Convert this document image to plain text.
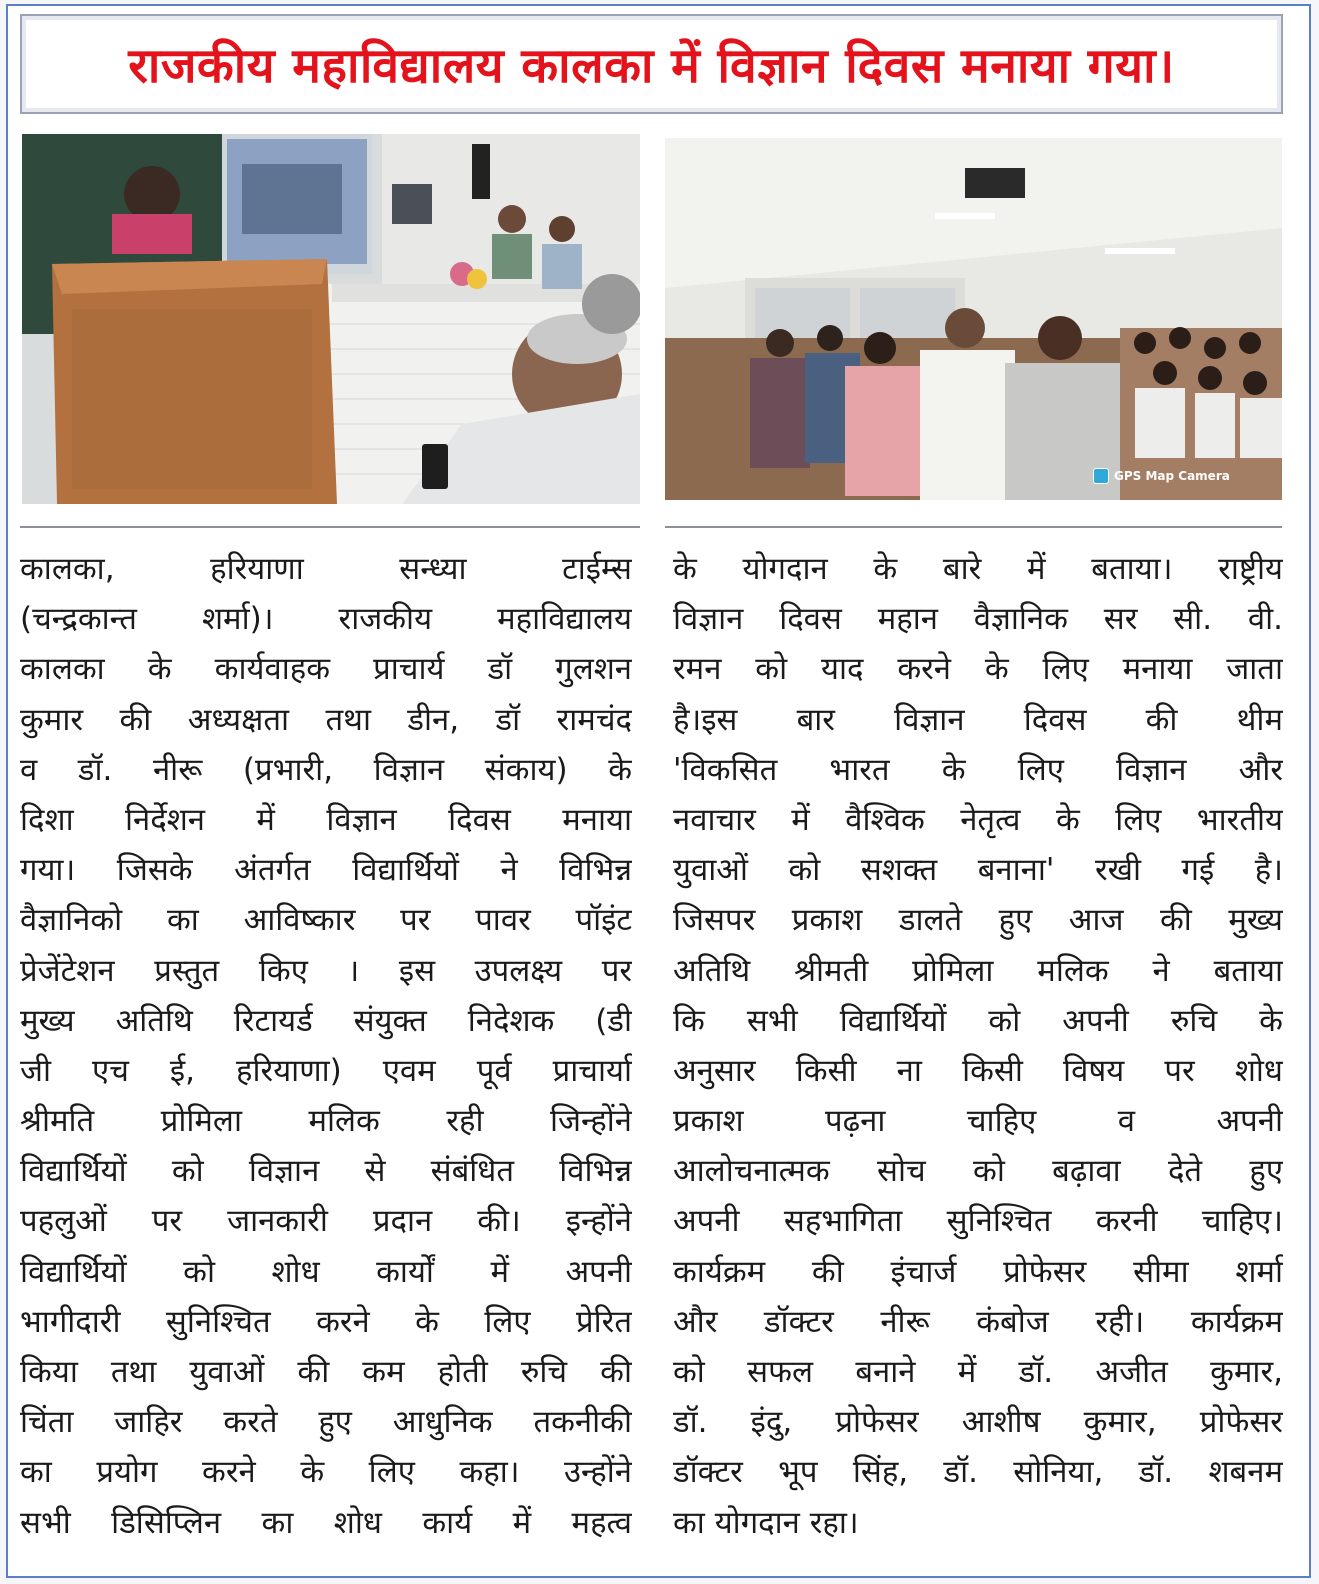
राजकीय महाविद्यालय कालका में विज्ञान दिवस मनाया गया।
GPS Map Camera
कालका, हरियाणा सन्ध्या टाईम्स
(चन्द्रकान्त शर्मा)। राजकीय महाविद्यालय
कालका के कार्यवाहक प्राचार्य डॉ गुलशन
कुमार की अध्यक्षता तथा डीन, डॉ रामचंद
व डॉ. नीरू (प्रभारी, विज्ञान संकाय) के
दिशा निर्देशन में विज्ञान दिवस मनाया
गया। जिसके अंतर्गत विद्यार्थियों ने विभिन्न
वैज्ञानिको का आविष्कार पर पावर पॉइंट
प्रेजेंटेशन प्रस्तुत किए । इस उपलक्ष्य पर
मुख्य अतिथि रिटायर्ड संयुक्त निदेशक (डी
जी एच ई, हरियाणा) एवम पूर्व प्राचार्या
श्रीमति प्रोमिला मलिक रही जिन्होंने
विद्यार्थियों को विज्ञान से संबंधित विभिन्न
पहलुओं पर जानकारी प्रदान की। इन्होंने
विद्यार्थियों को शोध कार्यों में अपनी
भागीदारी सुनिश्चित करने के लिए प्रेरित
किया तथा युवाओं की कम होती रुचि की
चिंता जाहिर करते हुए आधुनिक तकनीकी
का प्रयोग करने के लिए कहा। उन्होंने
सभी डिसिप्लिन का शोध कार्य में महत्व
के योगदान के बारे में बताया। राष्ट्रीय
विज्ञान दिवस महान वैज्ञानिक सर सी. वी.
रमन को याद करने के लिए मनाया जाता
है।इस बार विज्ञान दिवस की थीम
'विकसित भारत के लिए विज्ञान और
नवाचार में वैश्विक नेतृत्व के लिए भारतीय
युवाओं को सशक्त बनाना' रखी गई है।
जिसपर प्रकाश डालते हुए आज की मुख्य
अतिथि श्रीमती प्रोमिला मलिक ने बताया
कि सभी विद्यार्थियों को अपनी रुचि के
अनुसार किसी ना किसी विषय पर शोध
प्रकाश पढ़ना चाहिए व अपनी
आलोचनात्मक सोच को बढ़ावा देते हुए
अपनी सहभागिता सुनिश्चित करनी चाहिए।
कार्यक्रम की इंचार्ज प्रोफेसर सीमा शर्मा
और डॉक्टर नीरू कंबोज रही। कार्यक्रम
को सफल बनाने में डॉ. अजीत कुमार,
डॉ. इंदु, प्रोफेसर आशीष कुमार, प्रोफेसर
डॉक्टर भूप सिंह, डॉ. सोनिया, डॉ. शबनम
का योगदान रहा।
